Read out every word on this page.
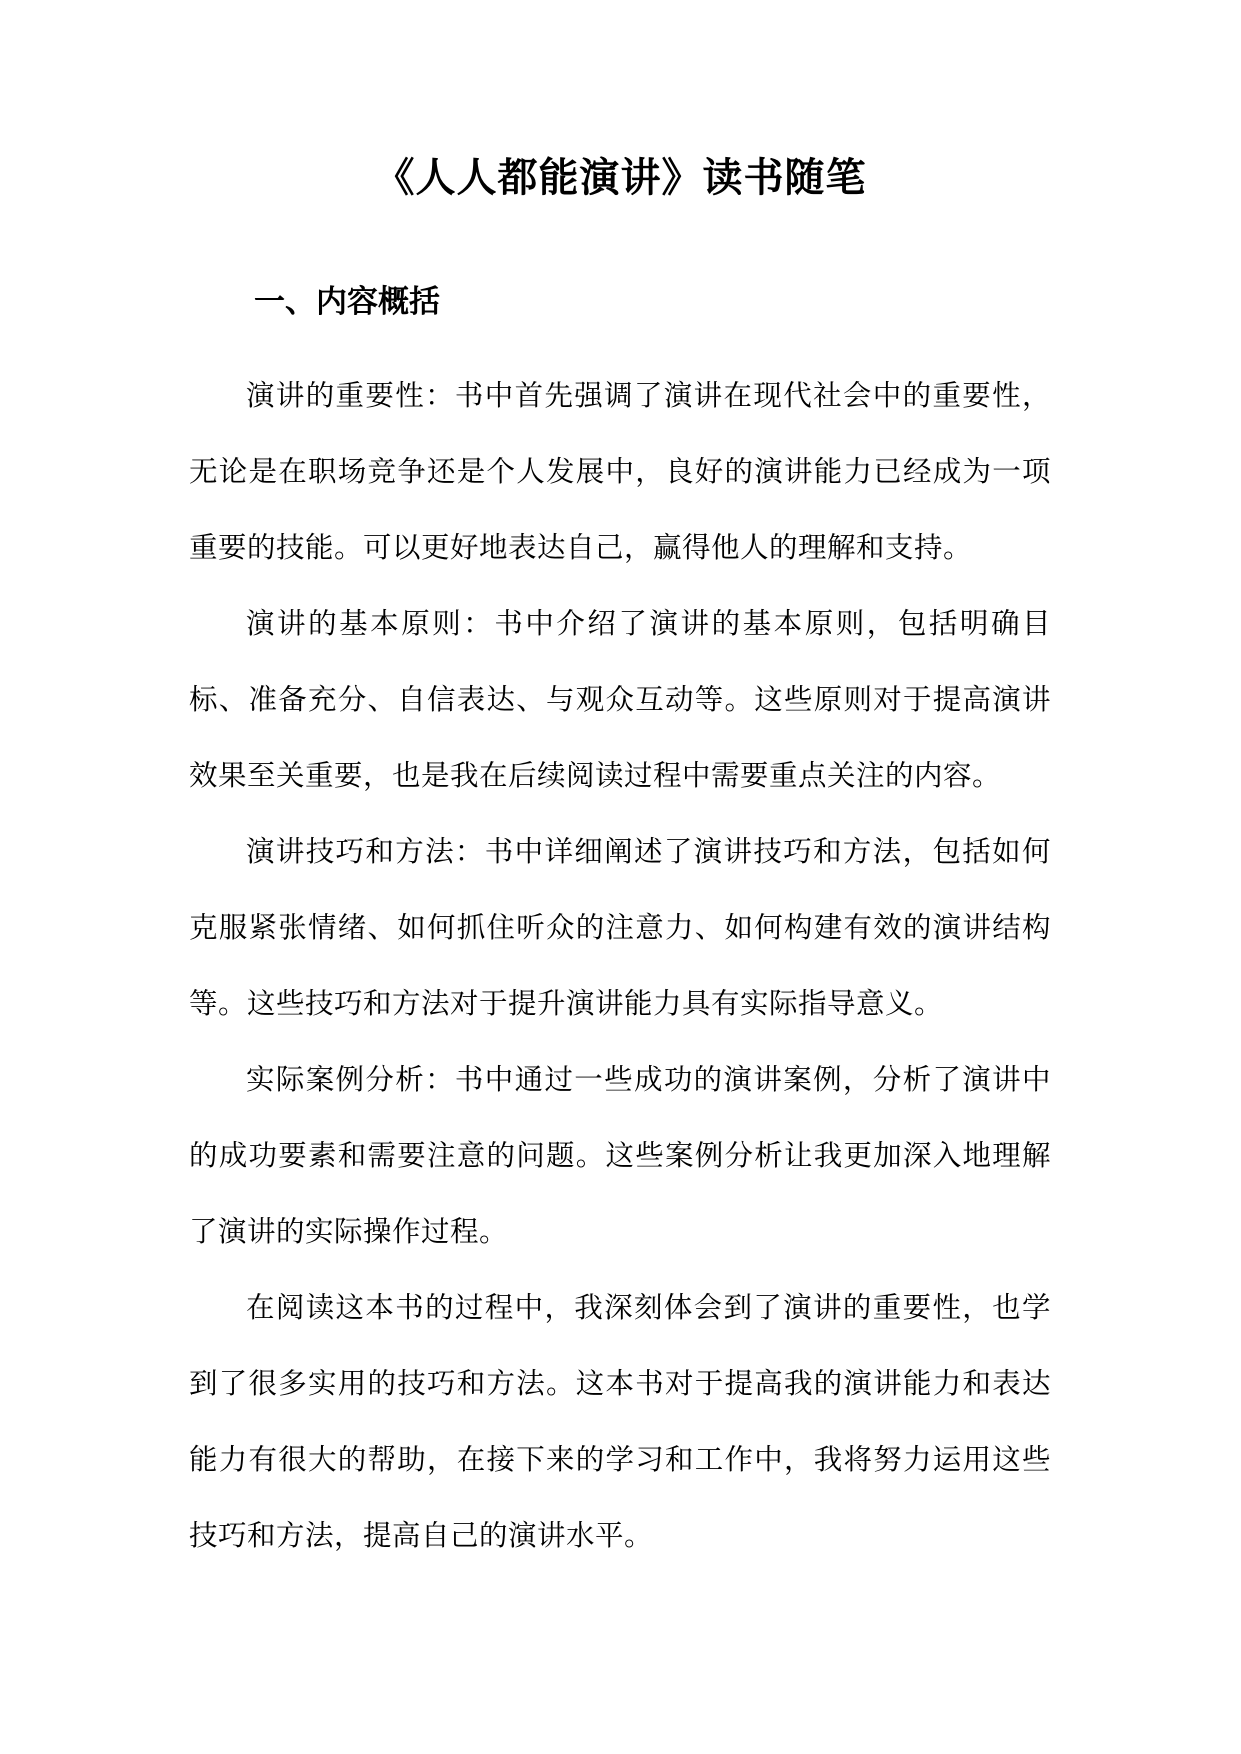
《人人都能演讲》读书随笔
一、内容概括

演讲的重要性：书中首先强调了演讲在现代社会中的重要性，无论是在职场竞争还是个人发展中，良好的演讲能力已经成为一项重要的技能。可以更好地表达自己，赢得他人的理解和支持。

演讲的基本原则：书中介绍了演讲的基本原则，包括明确目标、准备充分、自信表达、与观众互动等。这些原则对于提高演讲效果至关重要，也是我在后续阅读过程中需要重点关注的内容。

演讲技巧和方法：书中详细阐述了演讲技巧和方法，包括如何克服紧张情绪、如何抓住听众的注意力、如何构建有效的演讲结构等。这些技巧和方法对于提升演讲能力具有实际指导意义。

实际案例分析：书中通过一些成功的演讲案例，分析了演讲中的成功要素和需要注意的问题。这些案例分析让我更加深入地理解了演讲的实际操作过程。

在阅读这本书的过程中，我深刻体会到了演讲的重要性，也学到了很多实用的技巧和方法。这本书对于提高我的演讲能力和表达能力有很大的帮助，在接下来的学习和工作中，我将努力运用这些技巧和方法，提高自己的演讲水平。
